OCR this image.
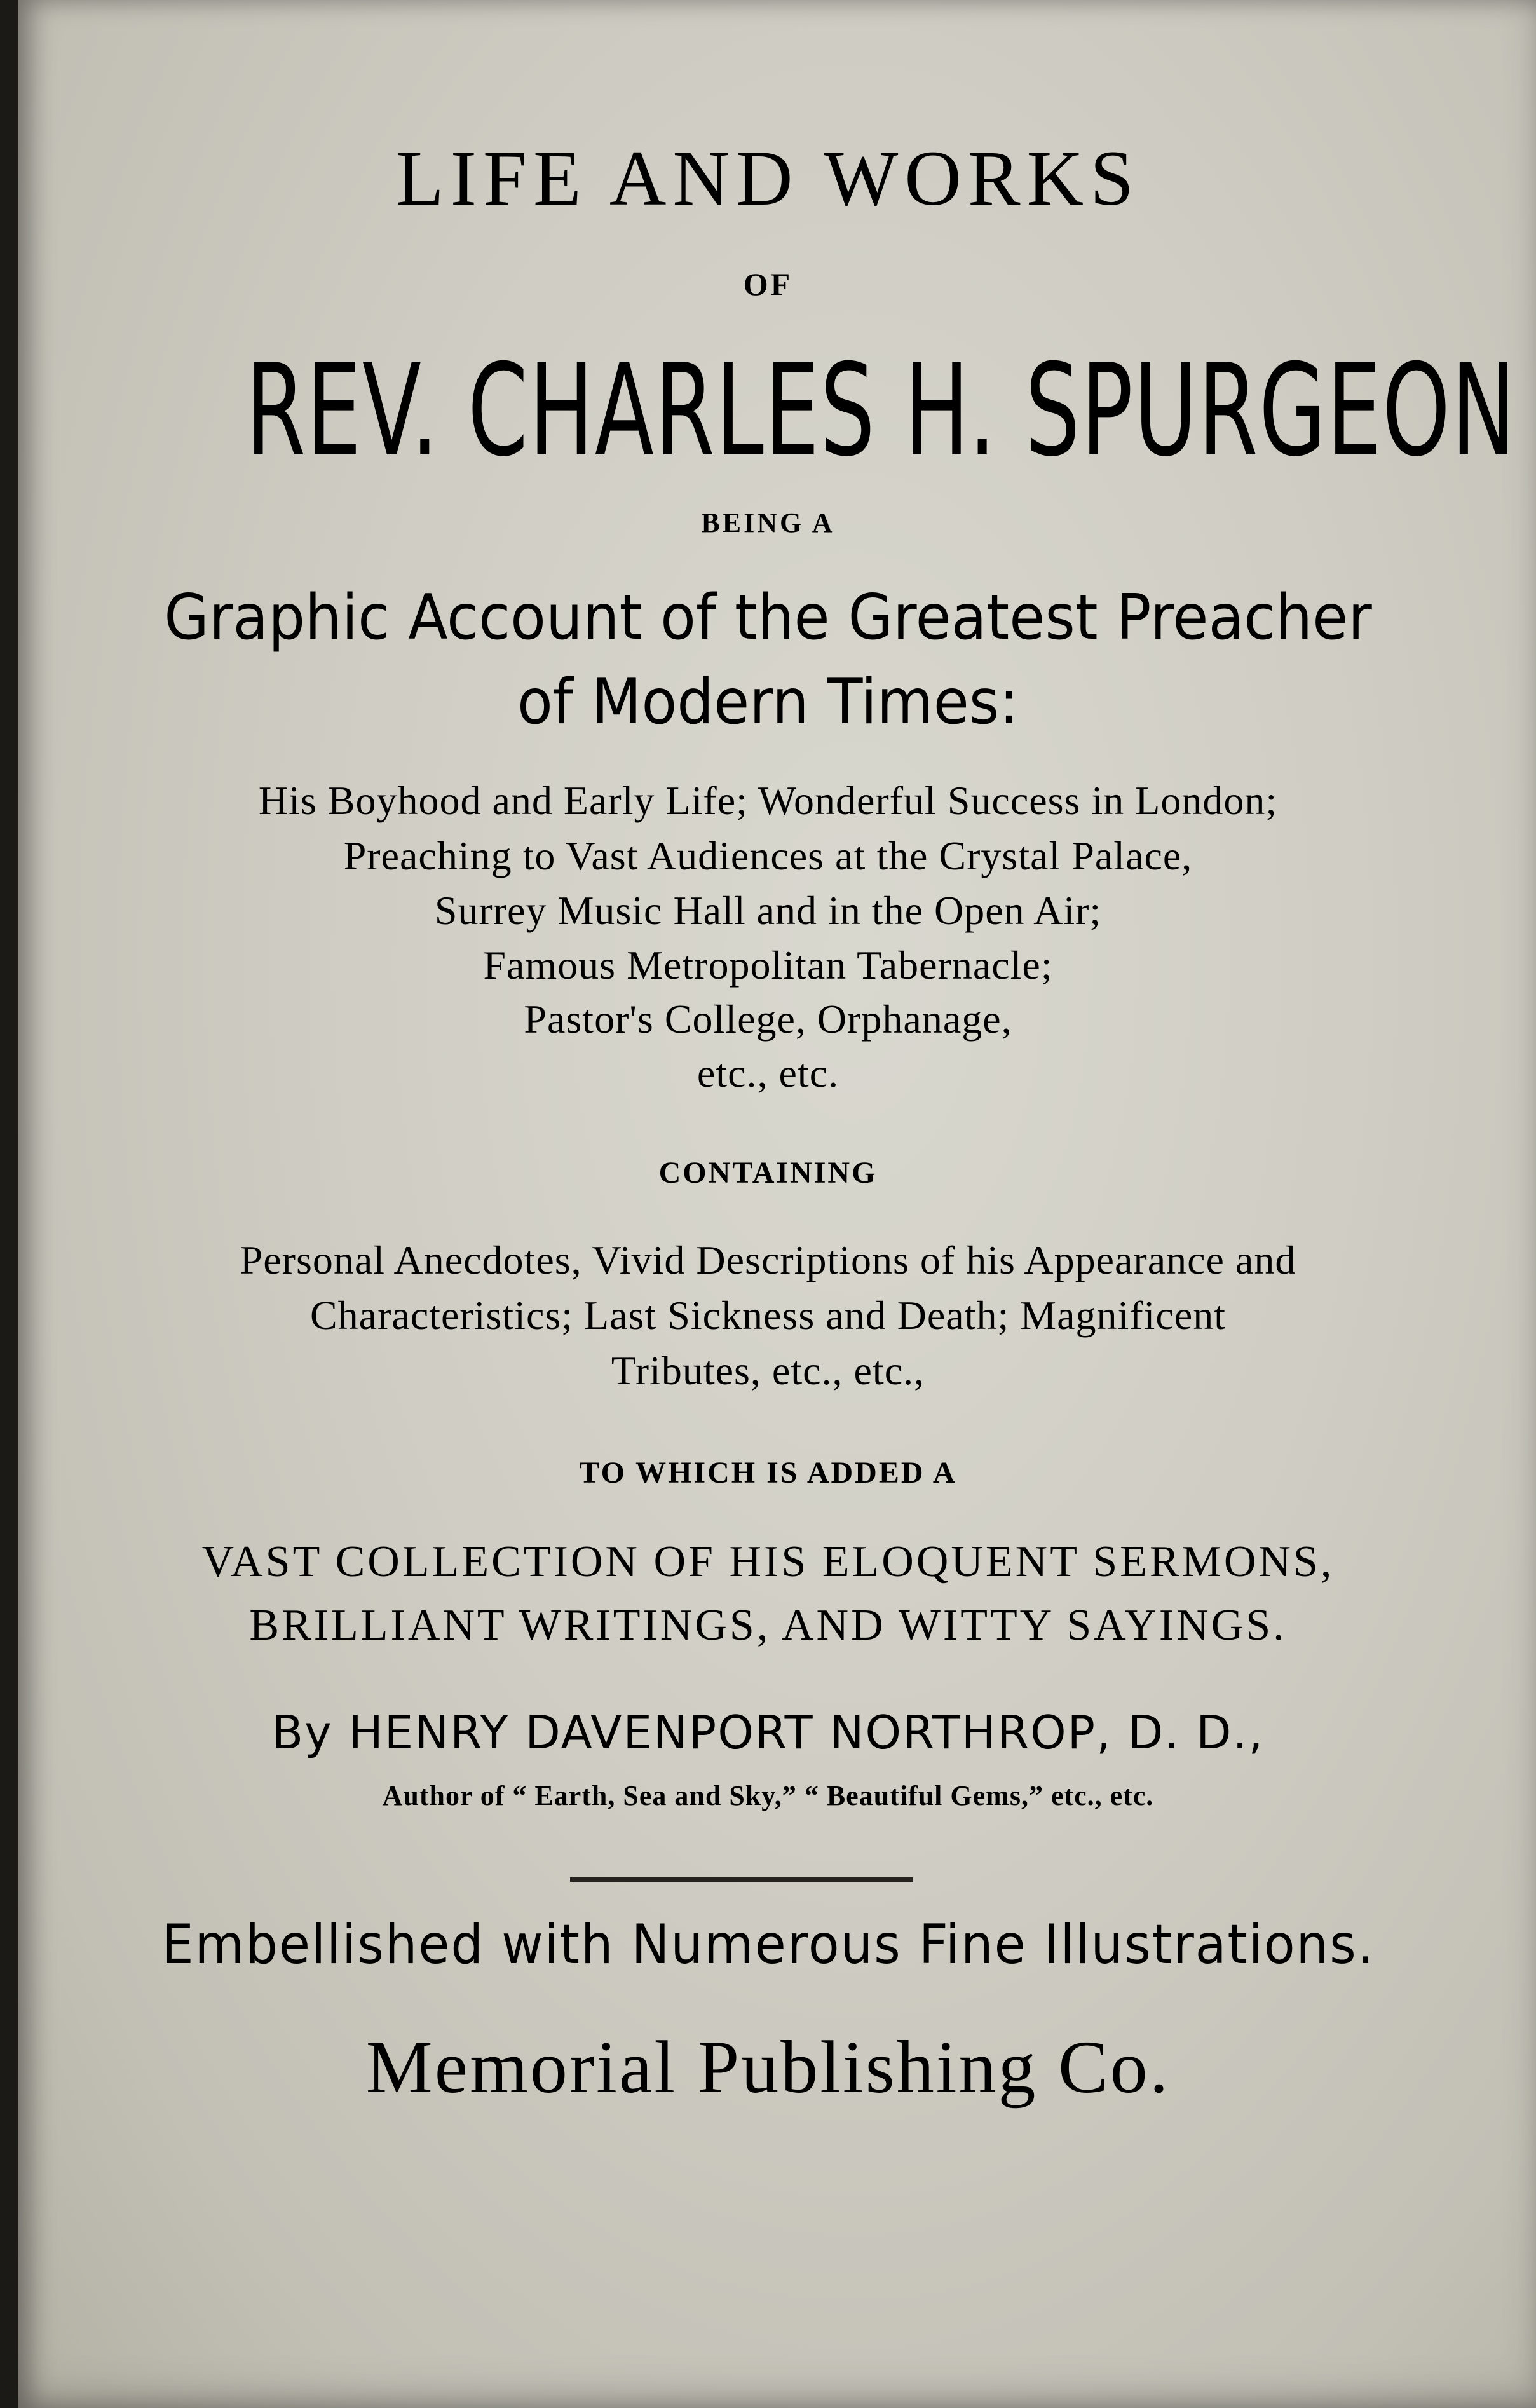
LIFE AND WORKS
OF
REV. CHARLES H. SPURGEON
BEING A
Graphic Account of the Greatest Preacher
of Modern Times:
His Boyhood and Early Life; Wonderful Success in London;
Preaching to Vast Audiences at the Crystal Palace,
Surrey Music Hall and in the Open Air;
Famous Metropolitan Tabernacle;
Pastor's College, Orphanage,
etc., etc.
CONTAINING
Personal Anecdotes, Vivid Descriptions of his Appearance and
Characteristics; Last Sickness and Death; Magnificent
Tributes, etc., etc.,
TO WHICH IS ADDED A
VAST COLLECTION OF HIS ELOQUENT SERMONS,
BRILLIANT WRITINGS, AND WITTY SAYINGS.
By HENRY DAVENPORT NORTHROP, D. D.,
Author of “ Earth, Sea and Sky,” “ Beautiful Gems,” etc., etc.
Embellished with Numerous Fine Illustrations.
Memorial Publishing Co.
